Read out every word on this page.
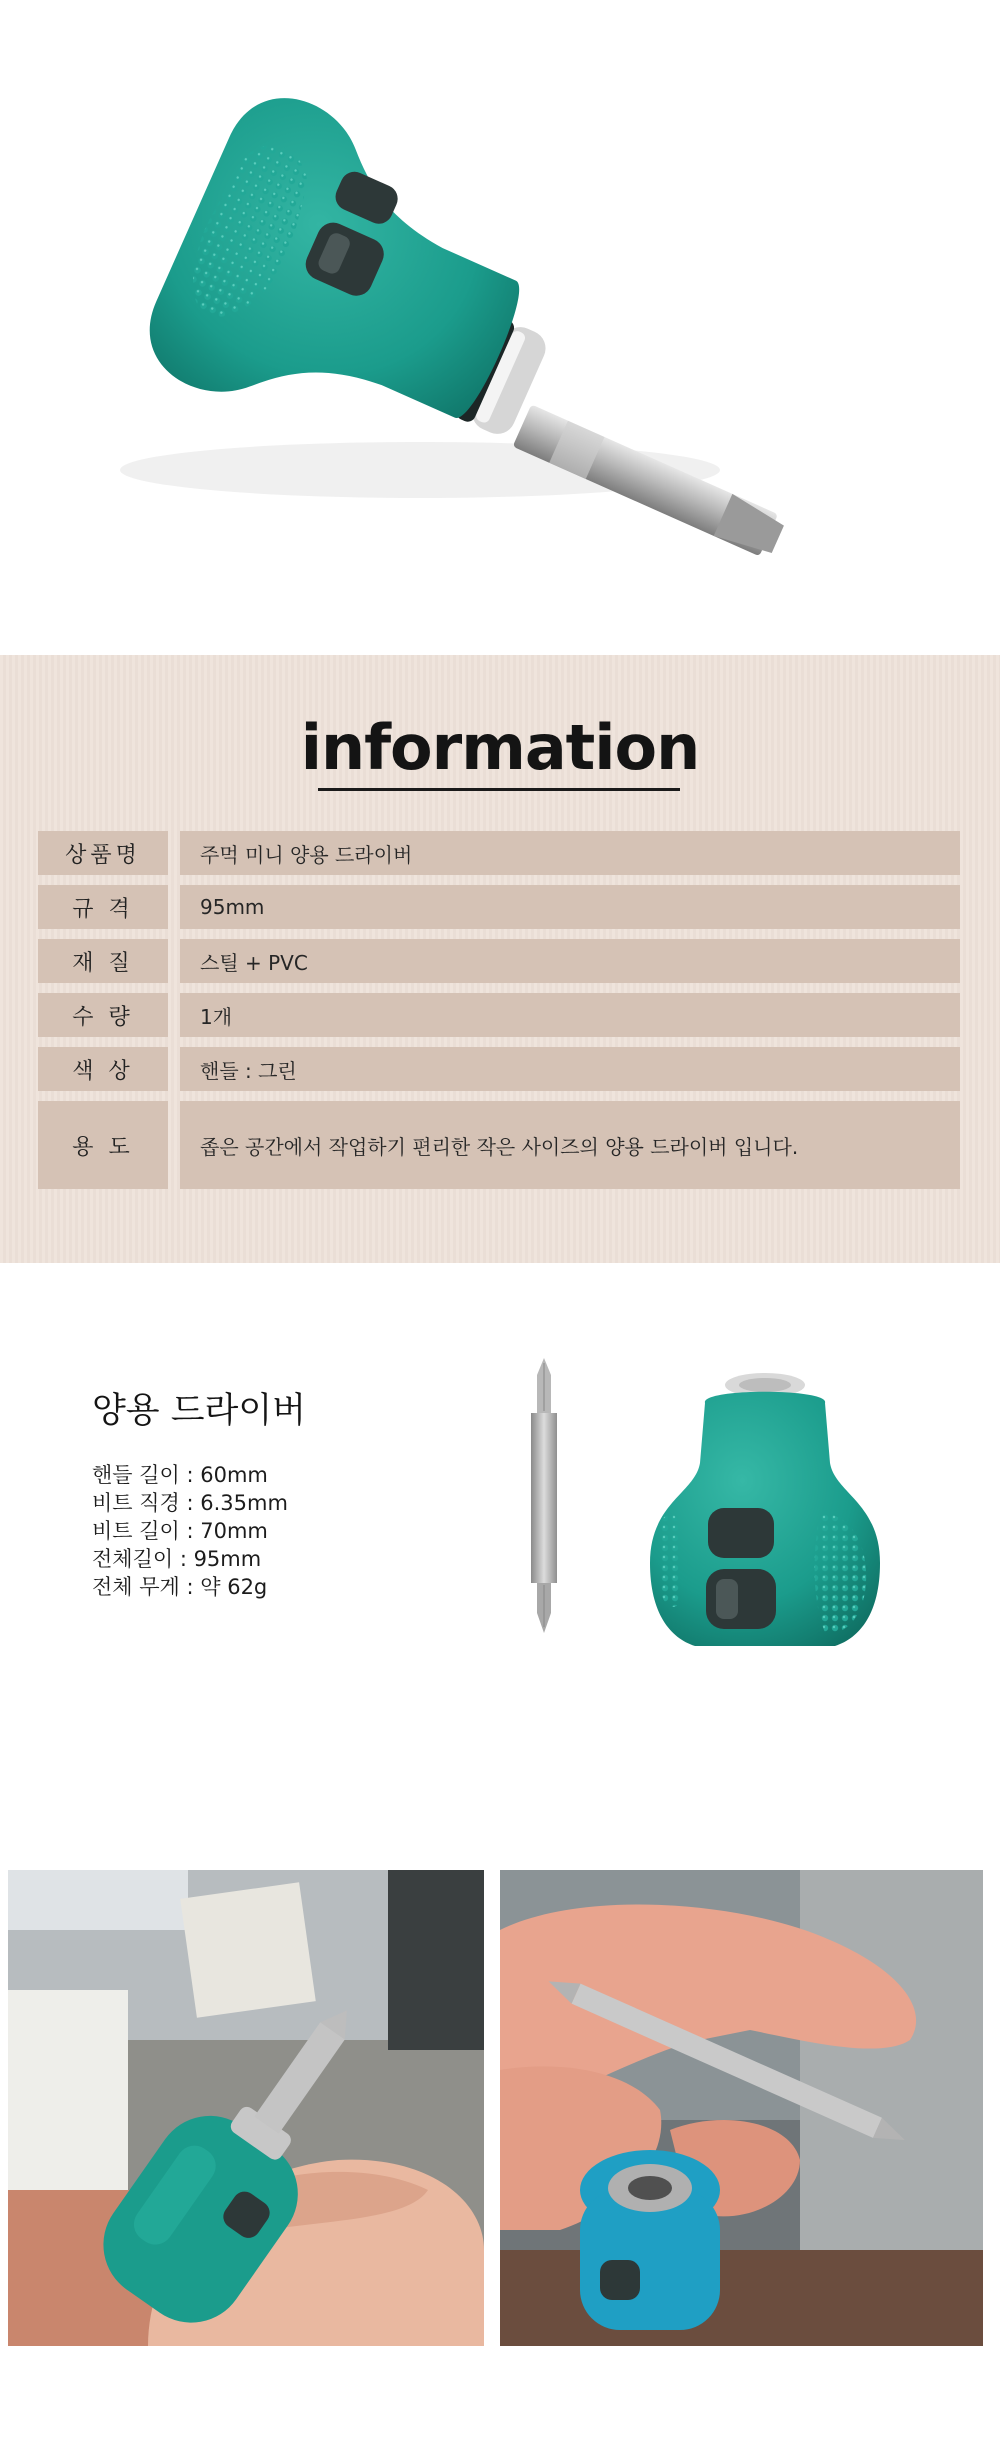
information
상품명	주먹 미니 양용 드라이버
규 격	95mm
재 질	스틸 + PVC
수 량	1개
색 상	핸들 : 그린
용 도	좁은 공간에서 작업하기 편리한 작은 사이즈의 양용 드라이버 입니다.
양용 드라이버
핸들 길이 : 60mm
비트 직경 : 6.35mm
비트 길이 : 70mm
전체길이 : 95mm
전체 무게 : 약 62g
